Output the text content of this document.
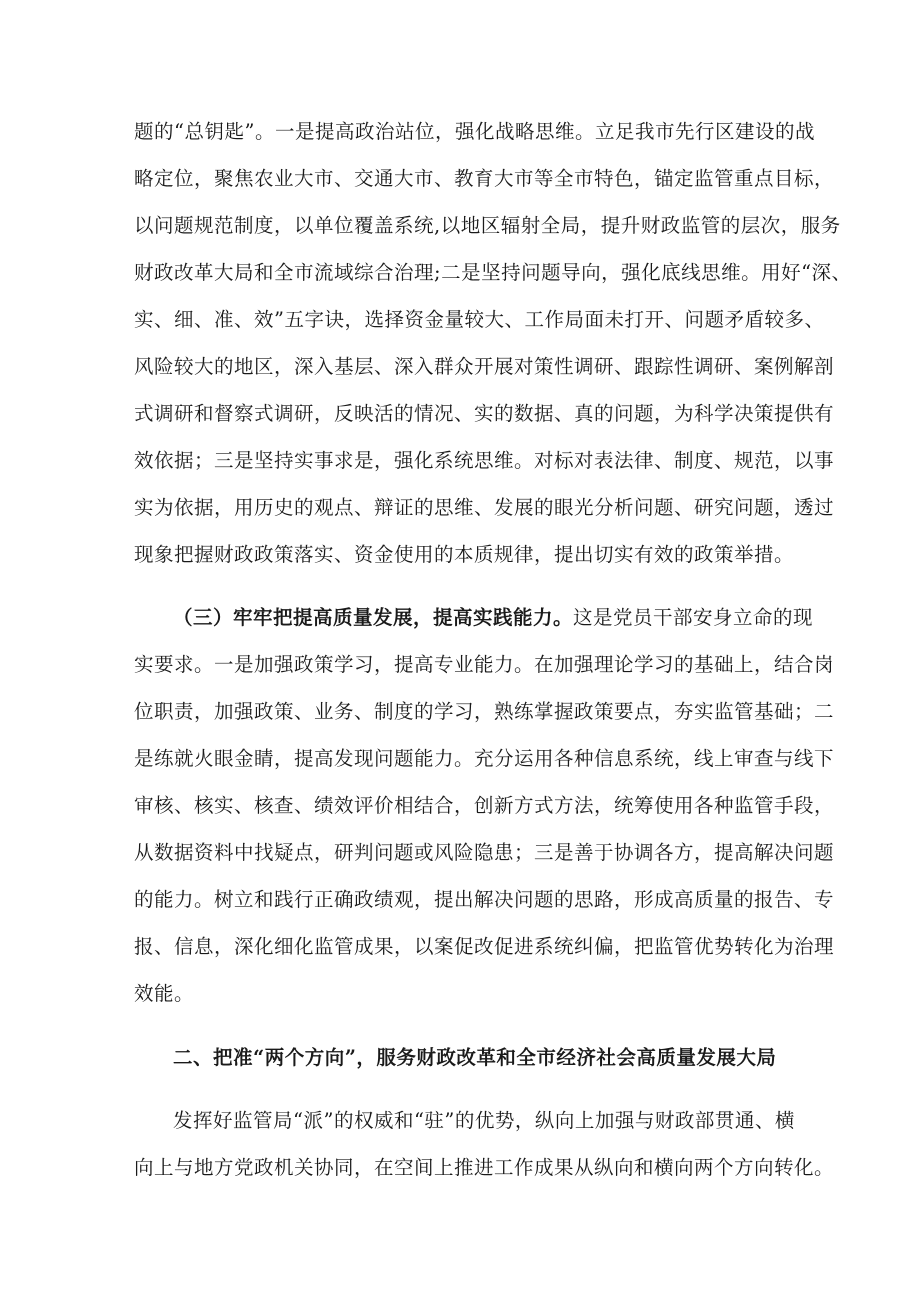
题的“总钥匙”。一是提高政治站位，强化战略思维。立足我市先行区建设的战
略定位，聚焦农业大市、交通大市、教育大市等全市特色，锚定监管重点目标，
以问题规范制度，以单位覆盖系统,以地区辐射全局，提升财政监管的层次，服务
财政改革大局和全市流域综合治理;二是坚持问题导向，强化底线思维。用好“深、
实、细、准、效”五字诀，选择资金量较大、工作局面未打开、问题矛盾较多、
风险较大的地区，深入基层、深入群众开展对策性调研、跟踪性调研、案例解剖
式调研和督察式调研，反映活的情况、实的数据、真的问题，为科学决策提供有
效依据；三是坚持实事求是，强化系统思维。对标对表法律、制度、规范，以事
实为依据，用历史的观点、辩证的思维、发展的眼光分析问题、研究问题，透过
现象把握财政政策落实、资金使用的本质规律，提出切实有效的政策举措。
（三）牢牢把提高质量发展，提高实践能力。这是党员干部安身立命的现
实要求。一是加强政策学习，提高专业能力。在加强理论学习的基础上，结合岗
位职责，加强政策、业务、制度的学习，熟练掌握政策要点，夯实监管基础；二
是练就火眼金睛，提高发现问题能力。充分运用各种信息系统，线上审查与线下
审核、核实、核查、绩效评价相结合，创新方式方法，统筹使用各种监管手段，
从数据资料中找疑点，研判问题或风险隐患；三是善于协调各方，提高解决问题
的能力。树立和践行正确政绩观，提出解决问题的思路，形成高质量的报告、专
报、信息，深化细化监管成果，以案促改促进系统纠偏，把监管优势转化为治理
效能。
二、把准“两个方向”，服务财政改革和全市经济社会高质量发展大局
发挥好监管局“派”的权威和“驻”的优势，纵向上加强与财政部贯通、横
向上与地方党政机关协同，在空间上推进工作成果从纵向和横向两个方向转化。
